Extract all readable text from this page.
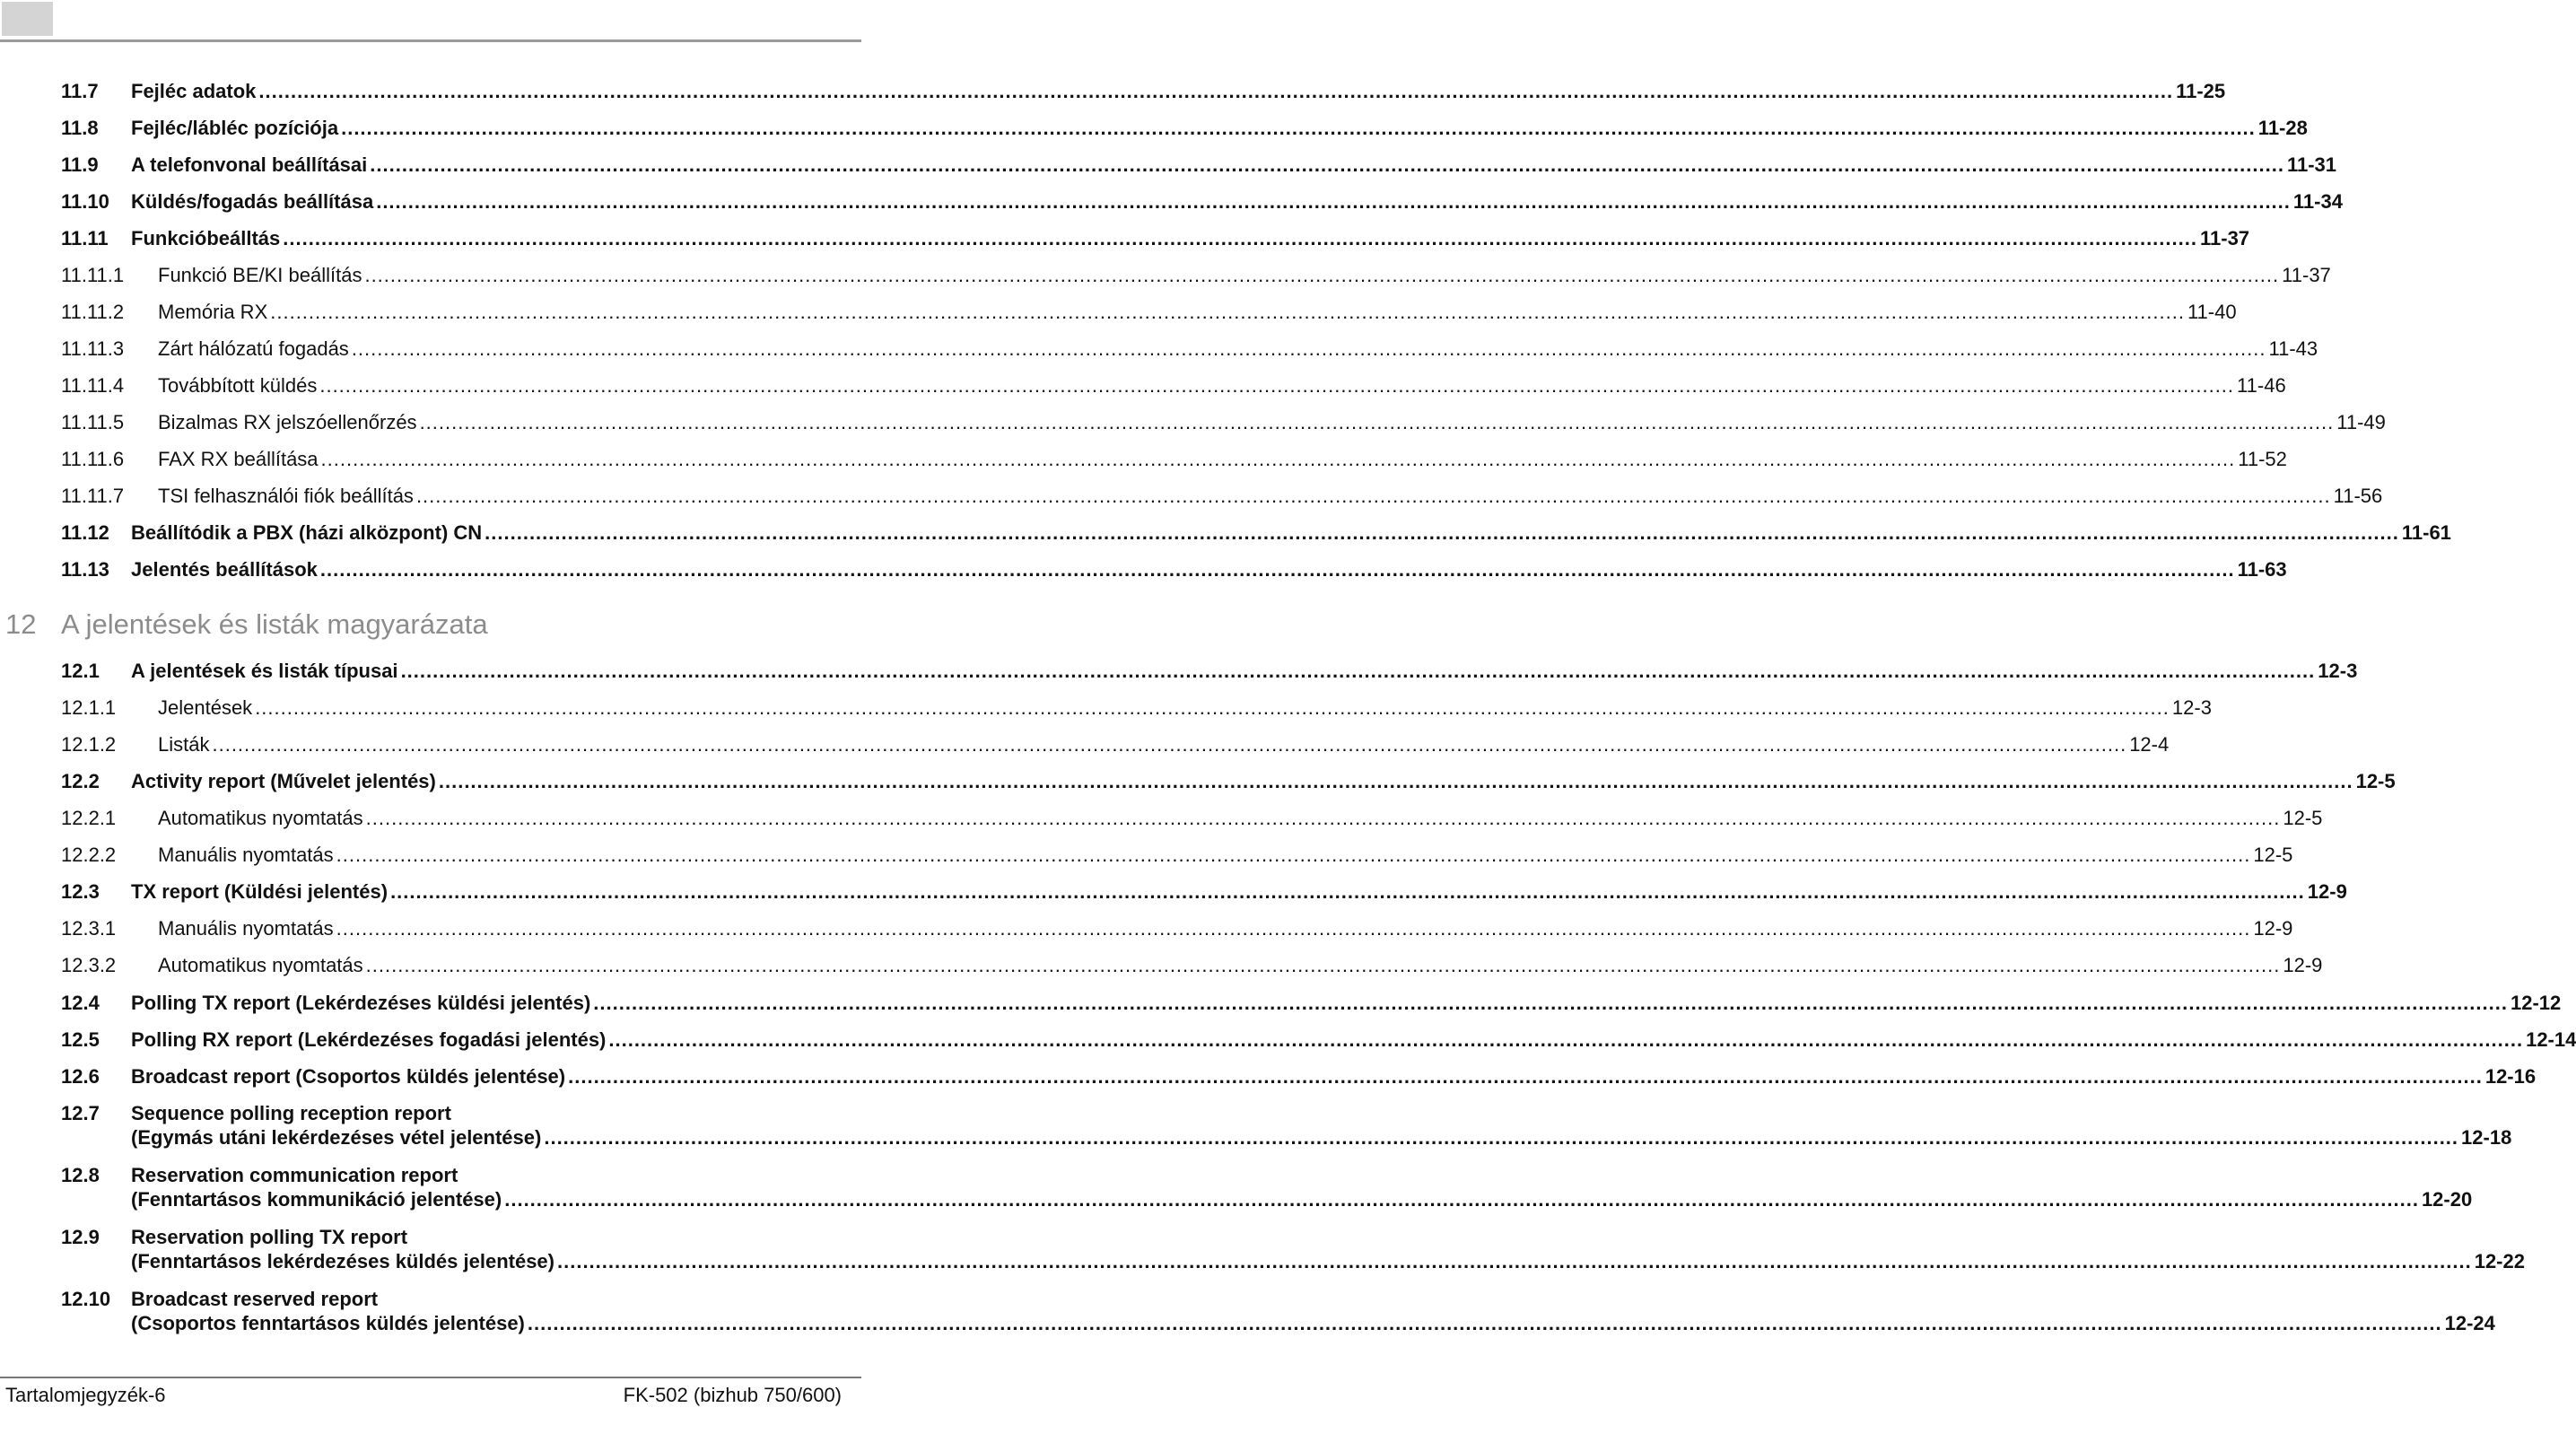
11.7 Fejléc adatok ............................................................................................................................................................................................................................................................................................................ 11-25
11.8 Fejléc/lábléc pozíciója ............................................................................................................................................................................................................................................................................................................ 11-28
11.9 A telefonvonal beállításai ............................................................................................................................................................................................................................................................................................................ 11-31
11.10 Küldés/fogadás beállítása ............................................................................................................................................................................................................................................................................................................ 11-34
11.11 Funkcióbeálltás ............................................................................................................................................................................................................................................................................................................ 11-37
11.11.1 Funkció BE/KI beállítás ............................................................................................................................................................................................................................................................................................................ 11-37
11.11.2 Memória RX ............................................................................................................................................................................................................................................................................................................ 11-40
11.11.3 Zárt hálózatú fogadás ............................................................................................................................................................................................................................................................................................................ 11-43
11.11.4 Továbbított küldés ............................................................................................................................................................................................................................................................................................................ 11-46
11.11.5 Bizalmas RX jelszóellenőrzés ............................................................................................................................................................................................................................................................................................................ 11-49
11.11.6 FAX RX beállítása ............................................................................................................................................................................................................................................................................................................ 11-52
11.11.7 TSI felhasználói fiók beállítás ............................................................................................................................................................................................................................................................................................................ 11-56
11.12 Beállítódik a PBX (házi alközpont) CN ............................................................................................................................................................................................................................................................................................................ 11-61
11.13 Jelentés beállítások ............................................................................................................................................................................................................................................................................................................ 11-63
12 A jelentések és listák magyarázata
12.1 A jelentések és listák típusai ............................................................................................................................................................................................................................................................................................................ 12-3
12.1.1 Jelentések ............................................................................................................................................................................................................................................................................................................ 12-3
12.1.2 Listák ............................................................................................................................................................................................................................................................................................................ 12-4
12.2 Activity report (Művelet jelentés) ............................................................................................................................................................................................................................................................................................................ 12-5
12.2.1 Automatikus nyomtatás ............................................................................................................................................................................................................................................................................................................ 12-5
12.2.2 Manuális nyomtatás ............................................................................................................................................................................................................................................................................................................ 12-5
12.3 TX report (Küldési jelentés) ............................................................................................................................................................................................................................................................................................................ 12-9
12.3.1 Manuális nyomtatás ............................................................................................................................................................................................................................................................................................................ 12-9
12.3.2 Automatikus nyomtatás ............................................................................................................................................................................................................................................................................................................ 12-9
12.4 Polling TX report (Lekérdezéses küldési jelentés) ............................................................................................................................................................................................................................................................................................................ 12-12
12.5 Polling RX report (Lekérdezéses fogadási jelentés) ............................................................................................................................................................................................................................................................................................................ 12-14
12.6 Broadcast report (Csoportos küldés jelentése) ............................................................................................................................................................................................................................................................................................................ 12-16
12.7 Sequence polling reception report
(Egymás utáni lekérdezéses vétel jelentése) ............................................................................................................................................................................................................................................................................................................ 12-18
12.8 Reservation communication report
(Fenntartásos kommunikáció jelentése) ............................................................................................................................................................................................................................................................................................................ 12-20
12.9 Reservation polling TX report
(Fenntartásos lekérdezéses küldés jelentése) ............................................................................................................................................................................................................................................................................................................ 12-22
12.10 Broadcast reserved report
(Csoportos fenntartásos küldés jelentése) ............................................................................................................................................................................................................................................................................................................ 12-24
Tartalomjegyzék-6	FK-502 (bizhub 750/600)
